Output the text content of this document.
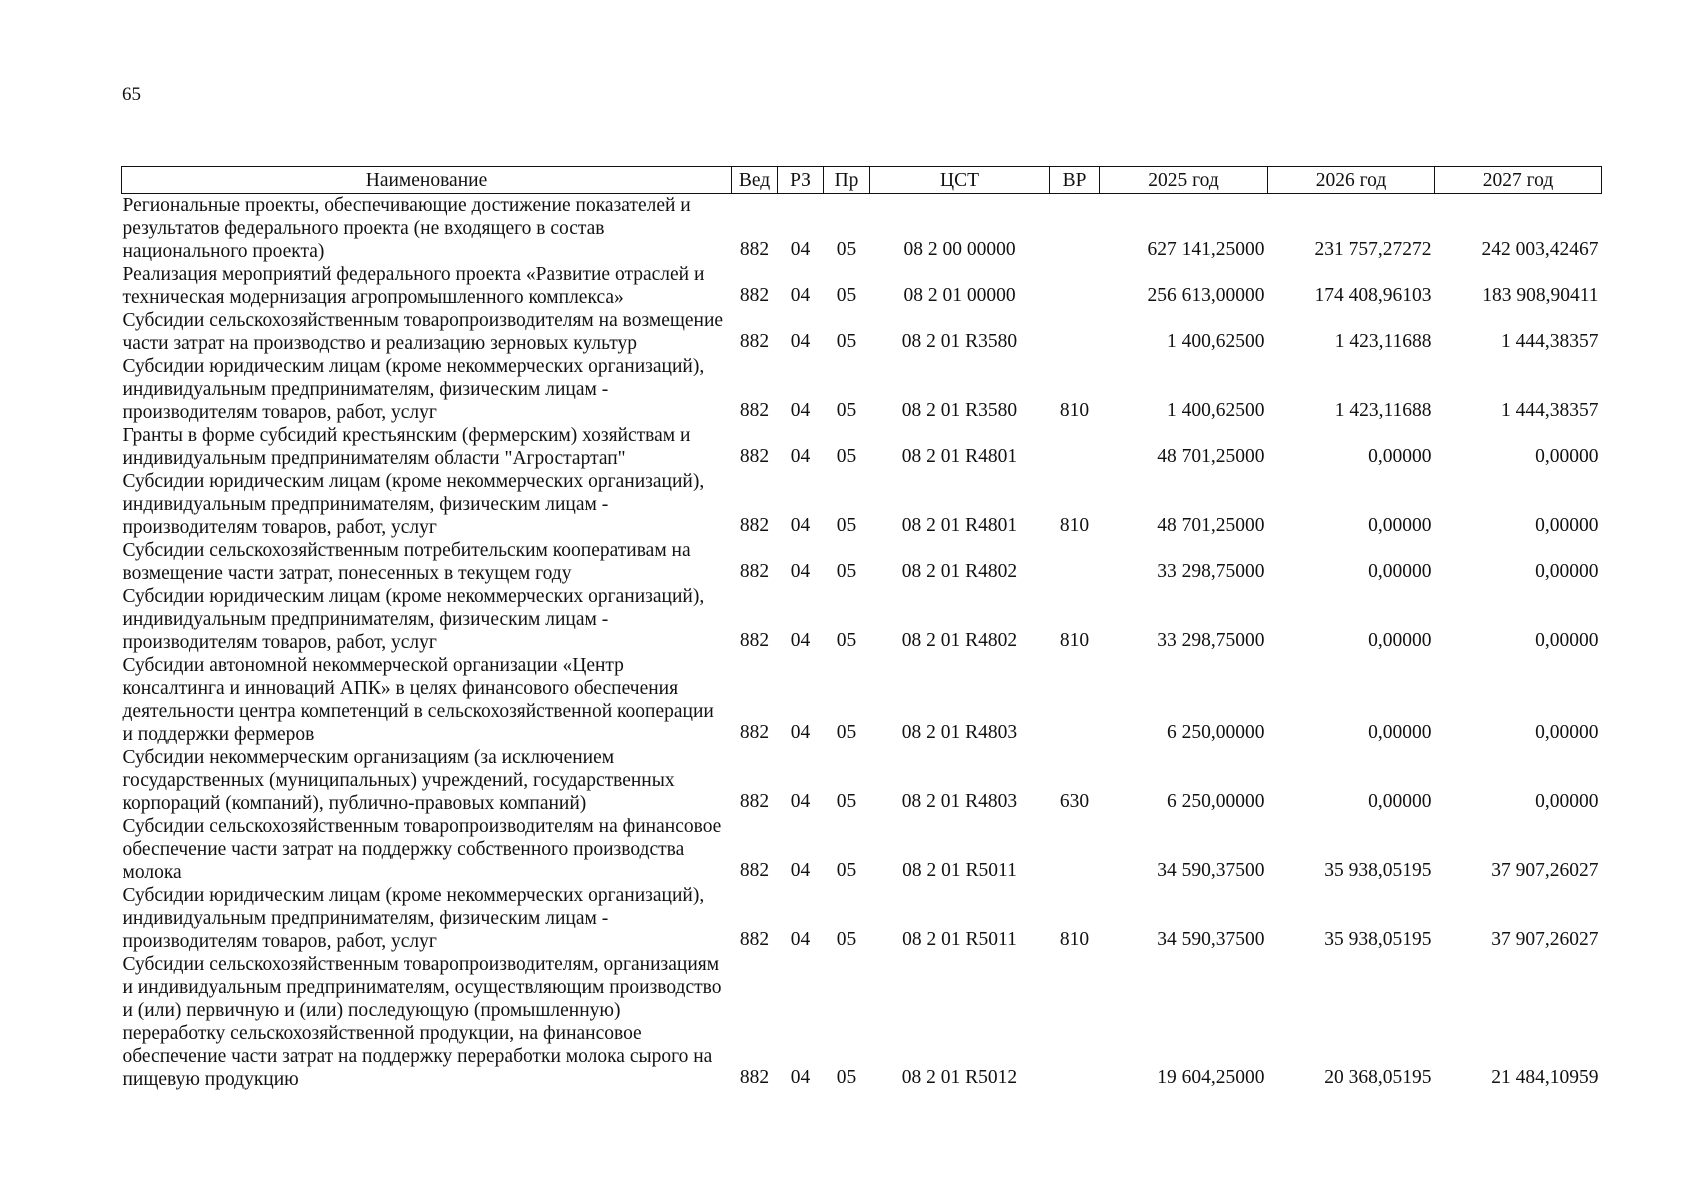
65
Наименование	Вед	РЗ	Пр	ЦСТ	ВР	2025 год	2026 год	2027 год
Региональные проекты, обеспечивающие достижение показателей и результатов федерального проекта (не входящего в состав национального проекта)	882	04	05	08 2 00 00000		627 141,25000	231 757,27272	242 003,42467
Реализация мероприятий федерального проекта «Развитие отраслей и техническая модернизация агропромышленного комплекса»	882	04	05	08 2 01 00000		256 613,00000	174 408,96103	183 908,90411
Субсидии сельскохозяйственным товаропроизводителям на возмещение части затрат на производство и реализацию зерновых культур	882	04	05	08 2 01 R3580		1 400,62500	1 423,11688	1 444,38357
Субсидии юридическим лицам (кроме некоммерческих организаций), индивидуальным предпринимателям, физическим лицам - производителям товаров, работ, услуг	882	04	05	08 2 01 R3580	810	1 400,62500	1 423,11688	1 444,38357
Гранты в форме субсидий крестьянским (фермерским) хозяйствам и индивидуальным предпринимателям области "Агростартап"	882	04	05	08 2 01 R4801		48 701,25000	0,00000	0,00000
Субсидии юридическим лицам (кроме некоммерческих организаций), индивидуальным предпринимателям, физическим лицам - производителям товаров, работ, услуг	882	04	05	08 2 01 R4801	810	48 701,25000	0,00000	0,00000
Субсидии сельскохозяйственным потребительским кооперативам на возмещение части затрат, понесенных в текущем году	882	04	05	08 2 01 R4802		33 298,75000	0,00000	0,00000
Субсидии юридическим лицам (кроме некоммерческих организаций), индивидуальным предпринимателям, физическим лицам - производителям товаров, работ, услуг	882	04	05	08 2 01 R4802	810	33 298,75000	0,00000	0,00000
Субсидии автономной некоммерческой организации «Центр консалтинга и инноваций АПК» в целях финансового обеспечения деятельности центра компетенций в сельскохозяйственной кооперации и поддержки фермеров	882	04	05	08 2 01 R4803		6 250,00000	0,00000	0,00000
Субсидии некоммерческим организациям (за исключением государственных (муниципальных) учреждений, государственных корпораций (компаний), публично-правовых компаний)	882	04	05	08 2 01 R4803	630	6 250,00000	0,00000	0,00000
Субсидии сельскохозяйственным товаропроизводителям на финансовое обеспечение части затрат на поддержку собственного производства молока	882	04	05	08 2 01 R5011		34 590,37500	35 938,05195	37 907,26027
Субсидии юридическим лицам (кроме некоммерческих организаций), индивидуальным предпринимателям, физическим лицам - производителям товаров, работ, услуг	882	04	05	08 2 01 R5011	810	34 590,37500	35 938,05195	37 907,26027
Субсидии сельскохозяйственным товаропроизводителям, организациям и индивидуальным предпринимателям, осуществляющим производство и (или) первичную и (или) последующую (промышленную) переработку сельскохозяйственной продукции, на финансовое обеспечение части затрат на поддержку переработки молока сырого на пищевую продукцию	882	04	05	08 2 01 R5012		19 604,25000	20 368,05195	21 484,10959
